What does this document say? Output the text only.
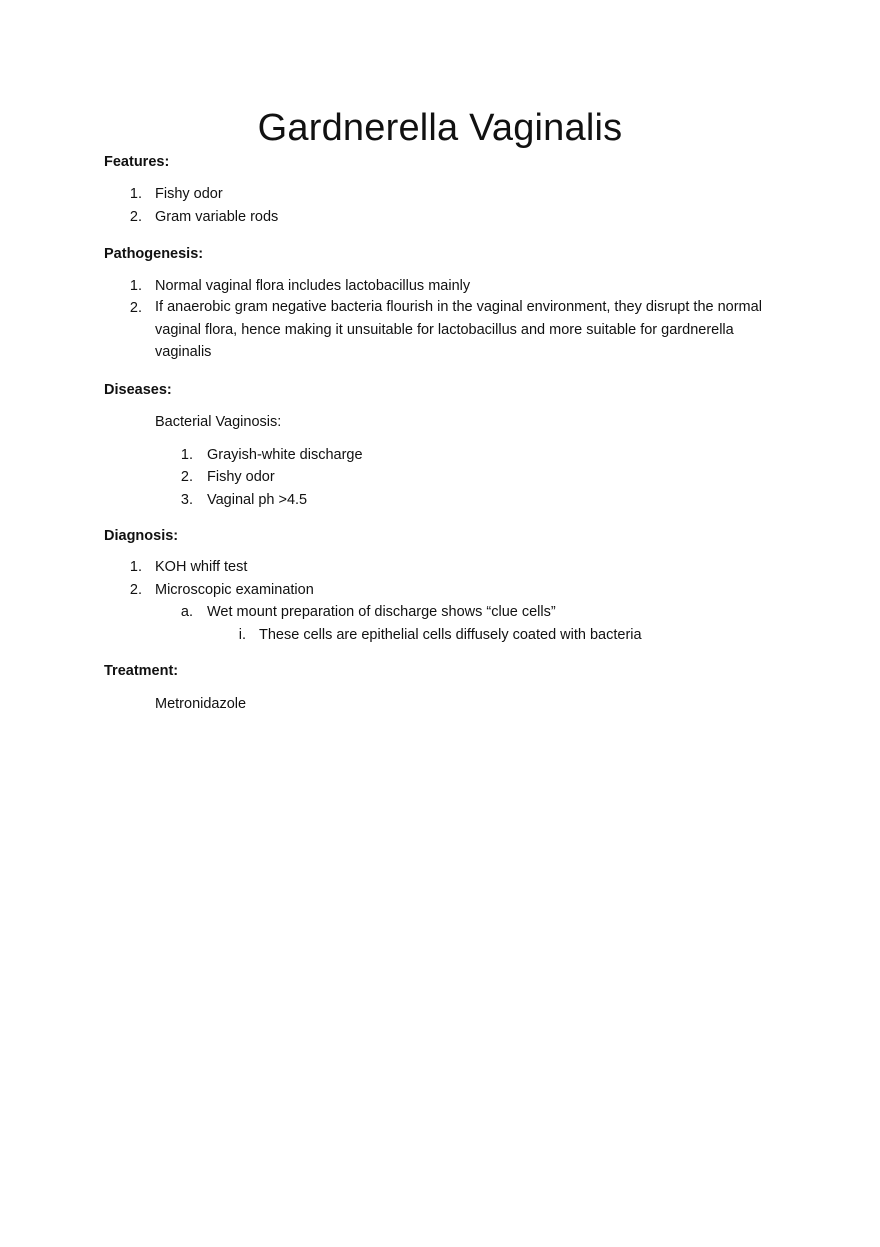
Gardnerella Vaginalis
Features:
1. Fishy odor
2. Gram variable rods
Pathogenesis:
1. Normal vaginal flora includes lactobacillus mainly
2. If anaerobic gram negative bacteria flourish in the vaginal environment, they disrupt the normal vaginal flora, hence making it unsuitable for lactobacillus and more suitable for gardnerella vaginalis
Diseases:
Bacterial Vaginosis:
1. Grayish-white discharge
2. Fishy odor
3. Vaginal ph >4.5
Diagnosis:
1. KOH whiff test
2. Microscopic examination
a. Wet mount preparation of discharge shows “clue cells”
i. These cells are epithelial cells diffusely coated with bacteria
Treatment:
Metronidazole
